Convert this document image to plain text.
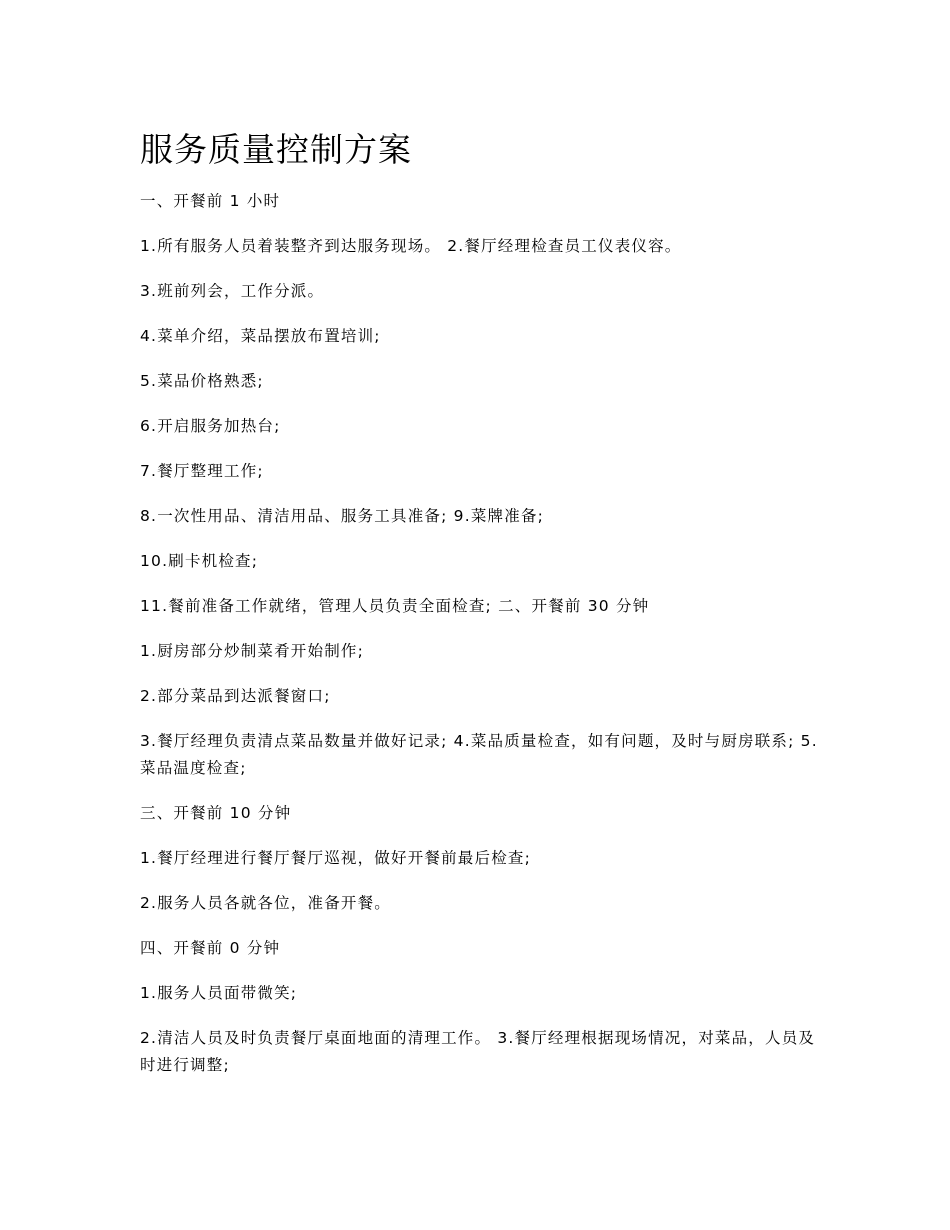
服务质量控制方案

一、开餐前 1 小时

1.所有服务人员着装整齐到达服务现场。 2.餐厅经理检查员工仪表仪容。

3.班前列会，工作分派。

4.菜单介绍，菜品摆放布置培训;

5.菜品价格熟悉;

6.开启服务加热台;

7.餐厅整理工作;

8.一次性用品、清洁用品、服务工具准备; 9.菜牌准备;

10.刷卡机检查;

11.餐前准备工作就绪，管理人员负责全面检查; 二、开餐前 30 分钟

1.厨房部分炒制菜肴开始制作;

2.部分菜品到达派餐窗口;

3.餐厅经理负责清点菜品数量并做好记录; 4.菜品质量检查，如有问题，及时与厨房联系; 5.菜品温度检查;

三、开餐前 10 分钟

1.餐厅经理进行餐厅餐厅巡视，做好开餐前最后检查;

2.服务人员各就各位，准备开餐。

四、开餐前 0 分钟

1.服务人员面带微笑;

2.清洁人员及时负责餐厅桌面地面的清理工作。 3.餐厅经理根据现场情况，对菜品，人员及时进行调整;
